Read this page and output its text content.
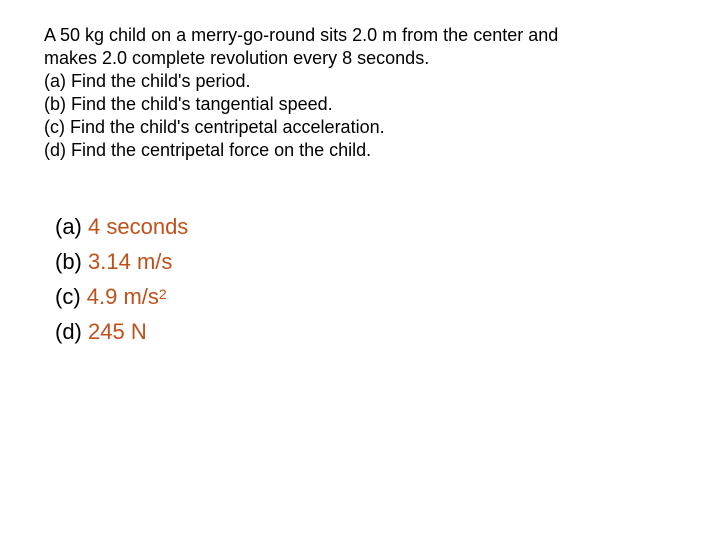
A 50 kg child on a merry-go-round sits 2.0 m from the center and
makes 2.0 complete revolution every 8 seconds.
(a) Find the child's period.
(b) Find the child's tangential speed.
(c) Find the child's centripetal acceleration.
(d) Find the centripetal force on the child.
(a) 4 seconds
(b) 3.14 m/s
(c) 4.9 $m/s^2$
(d) 245 N
